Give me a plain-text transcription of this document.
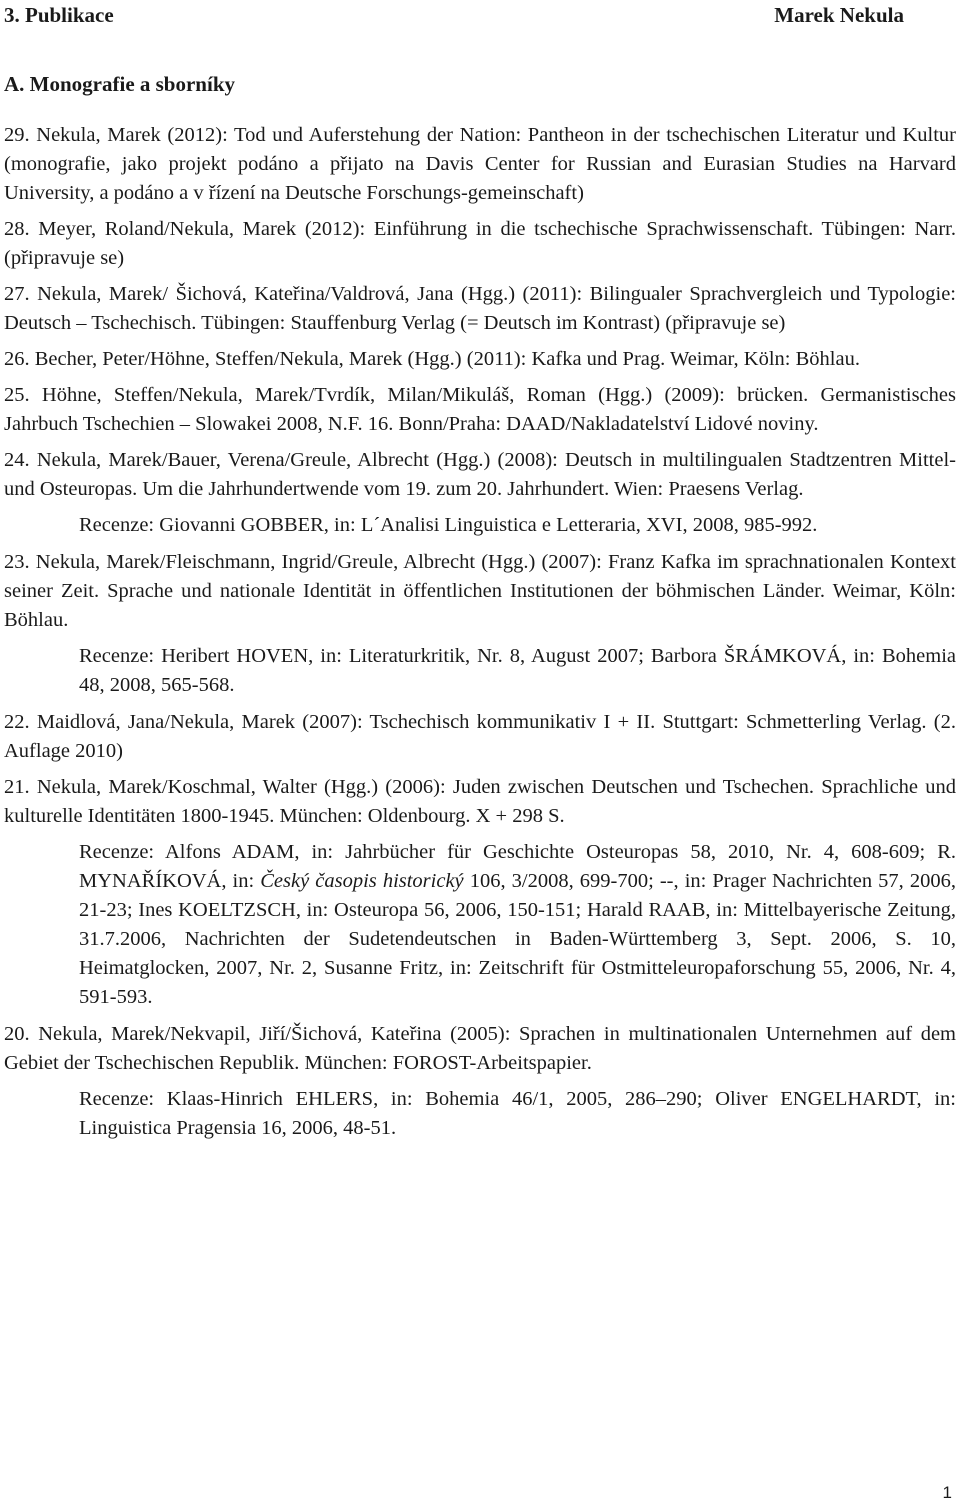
3. Publikace	Marek Nekula
A. Monografie a sborníky

29. Nekula, Marek (2012): Tod und Auferstehung der Nation: Pantheon in der tschechischen Literatur und Kultur (monografie, jako projekt podáno a přijato na Davis Center for Russian and Eurasian Studies na Harvard University, a podáno a v řízení na Deutsche Forschungs-gemeinschaft)

28. Meyer, Roland/Nekula, Marek (2012): Einführung in die tschechische Sprachwissenschaft. Tübingen: Narr. (připravuje se)

27. Nekula, Marek/ Šichová, Kateřina/Valdrová, Jana (Hgg.) (2011): Bilingualer Sprachvergleich und Typologie: Deutsch – Tschechisch. Tübingen: Stauffenburg Verlag (= Deutsch im Kontrast) (připravuje se)

26. Becher, Peter/Höhne, Steffen/Nekula, Marek (Hgg.) (2011): Kafka und Prag. Weimar, Köln: Böhlau.

25. Höhne, Steffen/Nekula, Marek/Tvrdík, Milan/Mikuláš, Roman (Hgg.) (2009): brücken. Germanistisches Jahrbuch Tschechien – Slowakei 2008, N.F. 16. Bonn/Praha: DAAD/Nakladatelství Lidové noviny.

24. Nekula, Marek/Bauer, Verena/Greule, Albrecht (Hgg.) (2008): Deutsch in multilingualen Stadtzentren Mittel- und Osteuropas. Um die Jahrhundertwende vom 19. zum 20. Jahrhundert. Wien: Praesens Verlag.

Recenze: Giovanni GOBBER, in: L´Analisi Linguistica e Letteraria, XVI, 2008, 985-992.

23. Nekula, Marek/Fleischmann, Ingrid/Greule, Albrecht (Hgg.) (2007): Franz Kafka im sprachnationalen Kontext seiner Zeit. Sprache und nationale Identität in öffentlichen Institutionen der böhmischen Länder. Weimar, Köln: Böhlau.

Recenze: Heribert HOVEN, in: Literaturkritik, Nr. 8, August 2007; Barbora ŠRÁMKOVÁ, in: Bohemia 48, 2008, 565-568.

22. Maidlová, Jana/Nekula, Marek (2007): Tschechisch kommunikativ I + II. Stuttgart: Schmetterling Verlag. (2. Auflage 2010)

21. Nekula, Marek/Koschmal, Walter (Hgg.) (2006): Juden zwischen Deutschen und Tschechen. Sprachliche und kulturelle Identitäten 1800-1945. München: Oldenbourg. X + 298 S.

Recenze: Alfons ADAM, in: Jahrbücher für Geschichte Osteuropas 58, 2010, Nr. 4, 608-609; R. MYNAŘÍKOVÁ, in: Český časopis historický 106, 3/2008, 699-700; --, in: Prager Nachrichten 57, 2006, 21-23; Ines KOELTZSCH, in: Osteuropa 56, 2006, 150-151; Harald RAAB, in: Mittelbayerische Zeitung, 31.7.2006, Nachrichten der Sudetendeutschen in Baden-Württemberg 3, Sept. 2006, S. 10, Heimatglocken, 2007, Nr. 2, Susanne Fritz, in: Zeitschrift für Ostmitteleuropaforschung 55, 2006, Nr. 4, 591-593.

20. Nekula, Marek/Nekvapil, Jiří/Šichová, Kateřina (2005): Sprachen in multinationalen Unternehmen auf dem Gebiet der Tschechischen Republik. München: FOROST-Arbeitspapier.

Recenze: Klaas-Hinrich EHLERS, in: Bohemia 46/1, 2005, 286–290; Oliver ENGELHARDT, in: Linguistica Pragensia 16, 2006, 48-51.

1
